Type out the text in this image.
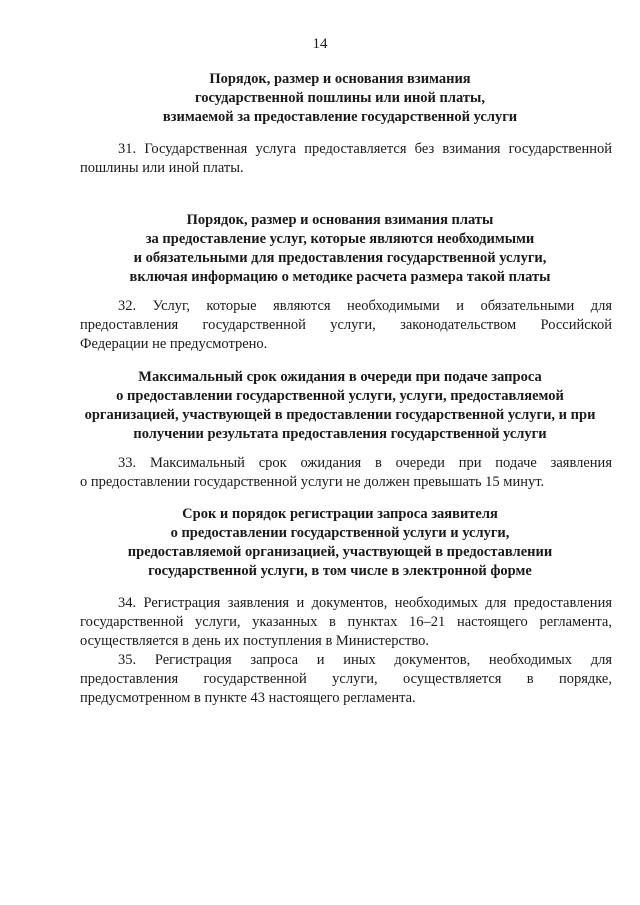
14
Порядок, размер и основания взимания
государственной пошлины или иной платы,
взимаемой за предоставление государственной услуги
31. Государственная услуга предоставляется без взимания государственной
пошлины или иной платы.
Порядок, размер и основания взимания платы
за предоставление услуг, которые являются необходимыми
и обязательными для предоставления государственной услуги,
включая информацию о методике расчета размера такой платы
32. Услуг, которые являются необходимыми и обязательными для
предоставления государственной услуги, законодательством Российской
Федерации не предусмотрено.
Максимальный срок ожидания в очереди при подаче запроса
о предоставлении государственной услуги, услуги, предоставляемой
организацией, участвующей в предоставлении государственной услуги, и при
получении результата предоставления государственной услуги
33. Максимальный срок ожидания в очереди при подаче заявления
о предоставлении государственной услуги не должен превышать 15 минут.
Срок и порядок регистрации запроса заявителя
о предоставлении государственной услуги и услуги,
предоставляемой организацией, участвующей в предоставлении
государственной услуги, в том числе в электронной форме
34. Регистрация заявления и документов, необходимых для предоставления
государственной услуги, указанных в пунктах 16–21 настоящего регламента,
осуществляется в день их поступления в Министерство.
35. Регистрация запроса и иных документов, необходимых для
предоставления государственной услуги, осуществляется в порядке,
предусмотренном в пункте 43 настоящего регламента.
